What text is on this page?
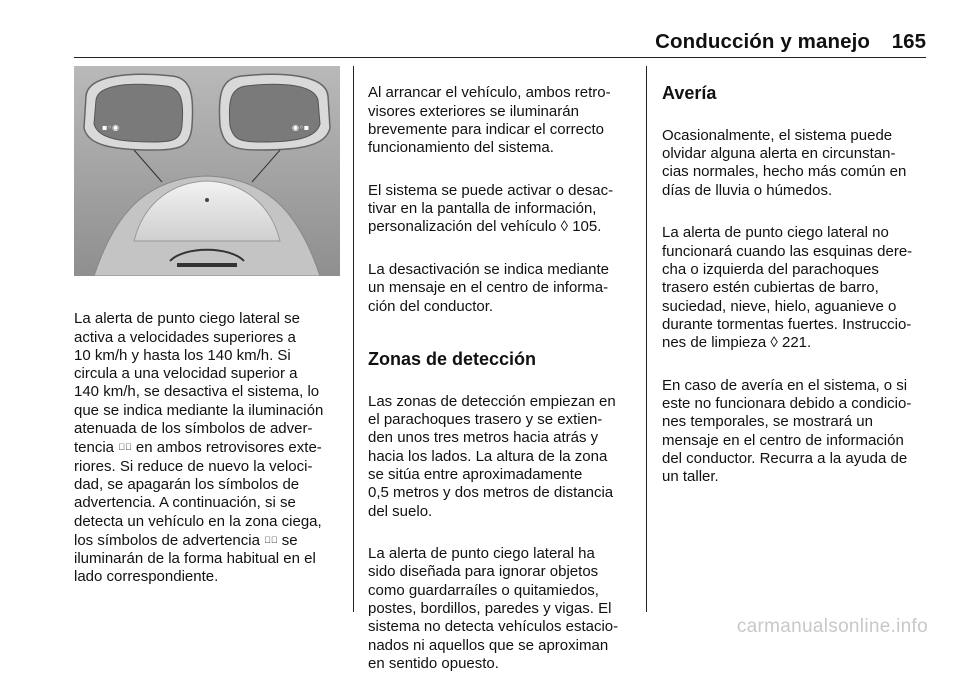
Conducción y manejo	165
▪◦◉	◉◦▪

La alerta de punto ciego lateral se
activa a velocidades superiores a
10 km/h y hasta los 140 km/h. Si
circula a una velocidad superior a
140 km/h, se desactiva el sistema, lo
que se indica mediante la iluminación
atenuada de los símbolos de adver-
tencia ◢⃞ en ambos retrovisores exte-
riores. Si reduce de nuevo la veloci-
dad, se apagarán los símbolos de
advertencia. A continuación, si se
detecta un vehículo en la zona ciega,
los símbolos de advertencia ◢⃞ se
iluminarán de la forma habitual en el
lado correspondiente.

Al arrancar el vehículo, ambos retro-
visores exteriores se iluminarán
brevemente para indicar el correcto
funcionamiento del sistema.

El sistema se puede activar o desac-
tivar en la pantalla de información,
personalización del vehículo ◊ 105.

La desactivación se indica mediante
un mensaje en el centro de informa-
ción del conductor.

Zonas de detección

Las zonas de detección empiezan en
el parachoques trasero y se extien-
den unos tres metros hacia atrás y
hacia los lados. La altura de la zona
se sitúa entre aproximadamente
0,5 metros y dos metros de distancia
del suelo.

La alerta de punto ciego lateral ha
sido diseñada para ignorar objetos
como guardarraíles o quitamiedos,
postes, bordillos, paredes y vigas. El
sistema no detecta vehículos estacio-
nados ni aquellos que se aproximan
en sentido opuesto.

Avería

Ocasionalmente, el sistema puede
olvidar alguna alerta en circunstan-
cias normales, hecho más común en
días de lluvia o húmedos.

La alerta de punto ciego lateral no
funcionará cuando las esquinas dere-
cha o izquierda del parachoques
trasero estén cubiertas de barro,
suciedad, nieve, hielo, aguanieve o
durante tormentas fuertes. Instruccio-
nes de limpieza ◊ 221.

En caso de avería en el sistema, o si
este no funcionara debido a condicio-
nes temporales, se mostrará un
mensaje en el centro de información
del conductor. Recurra a la ayuda de
un taller.

carmanualsonline.info
